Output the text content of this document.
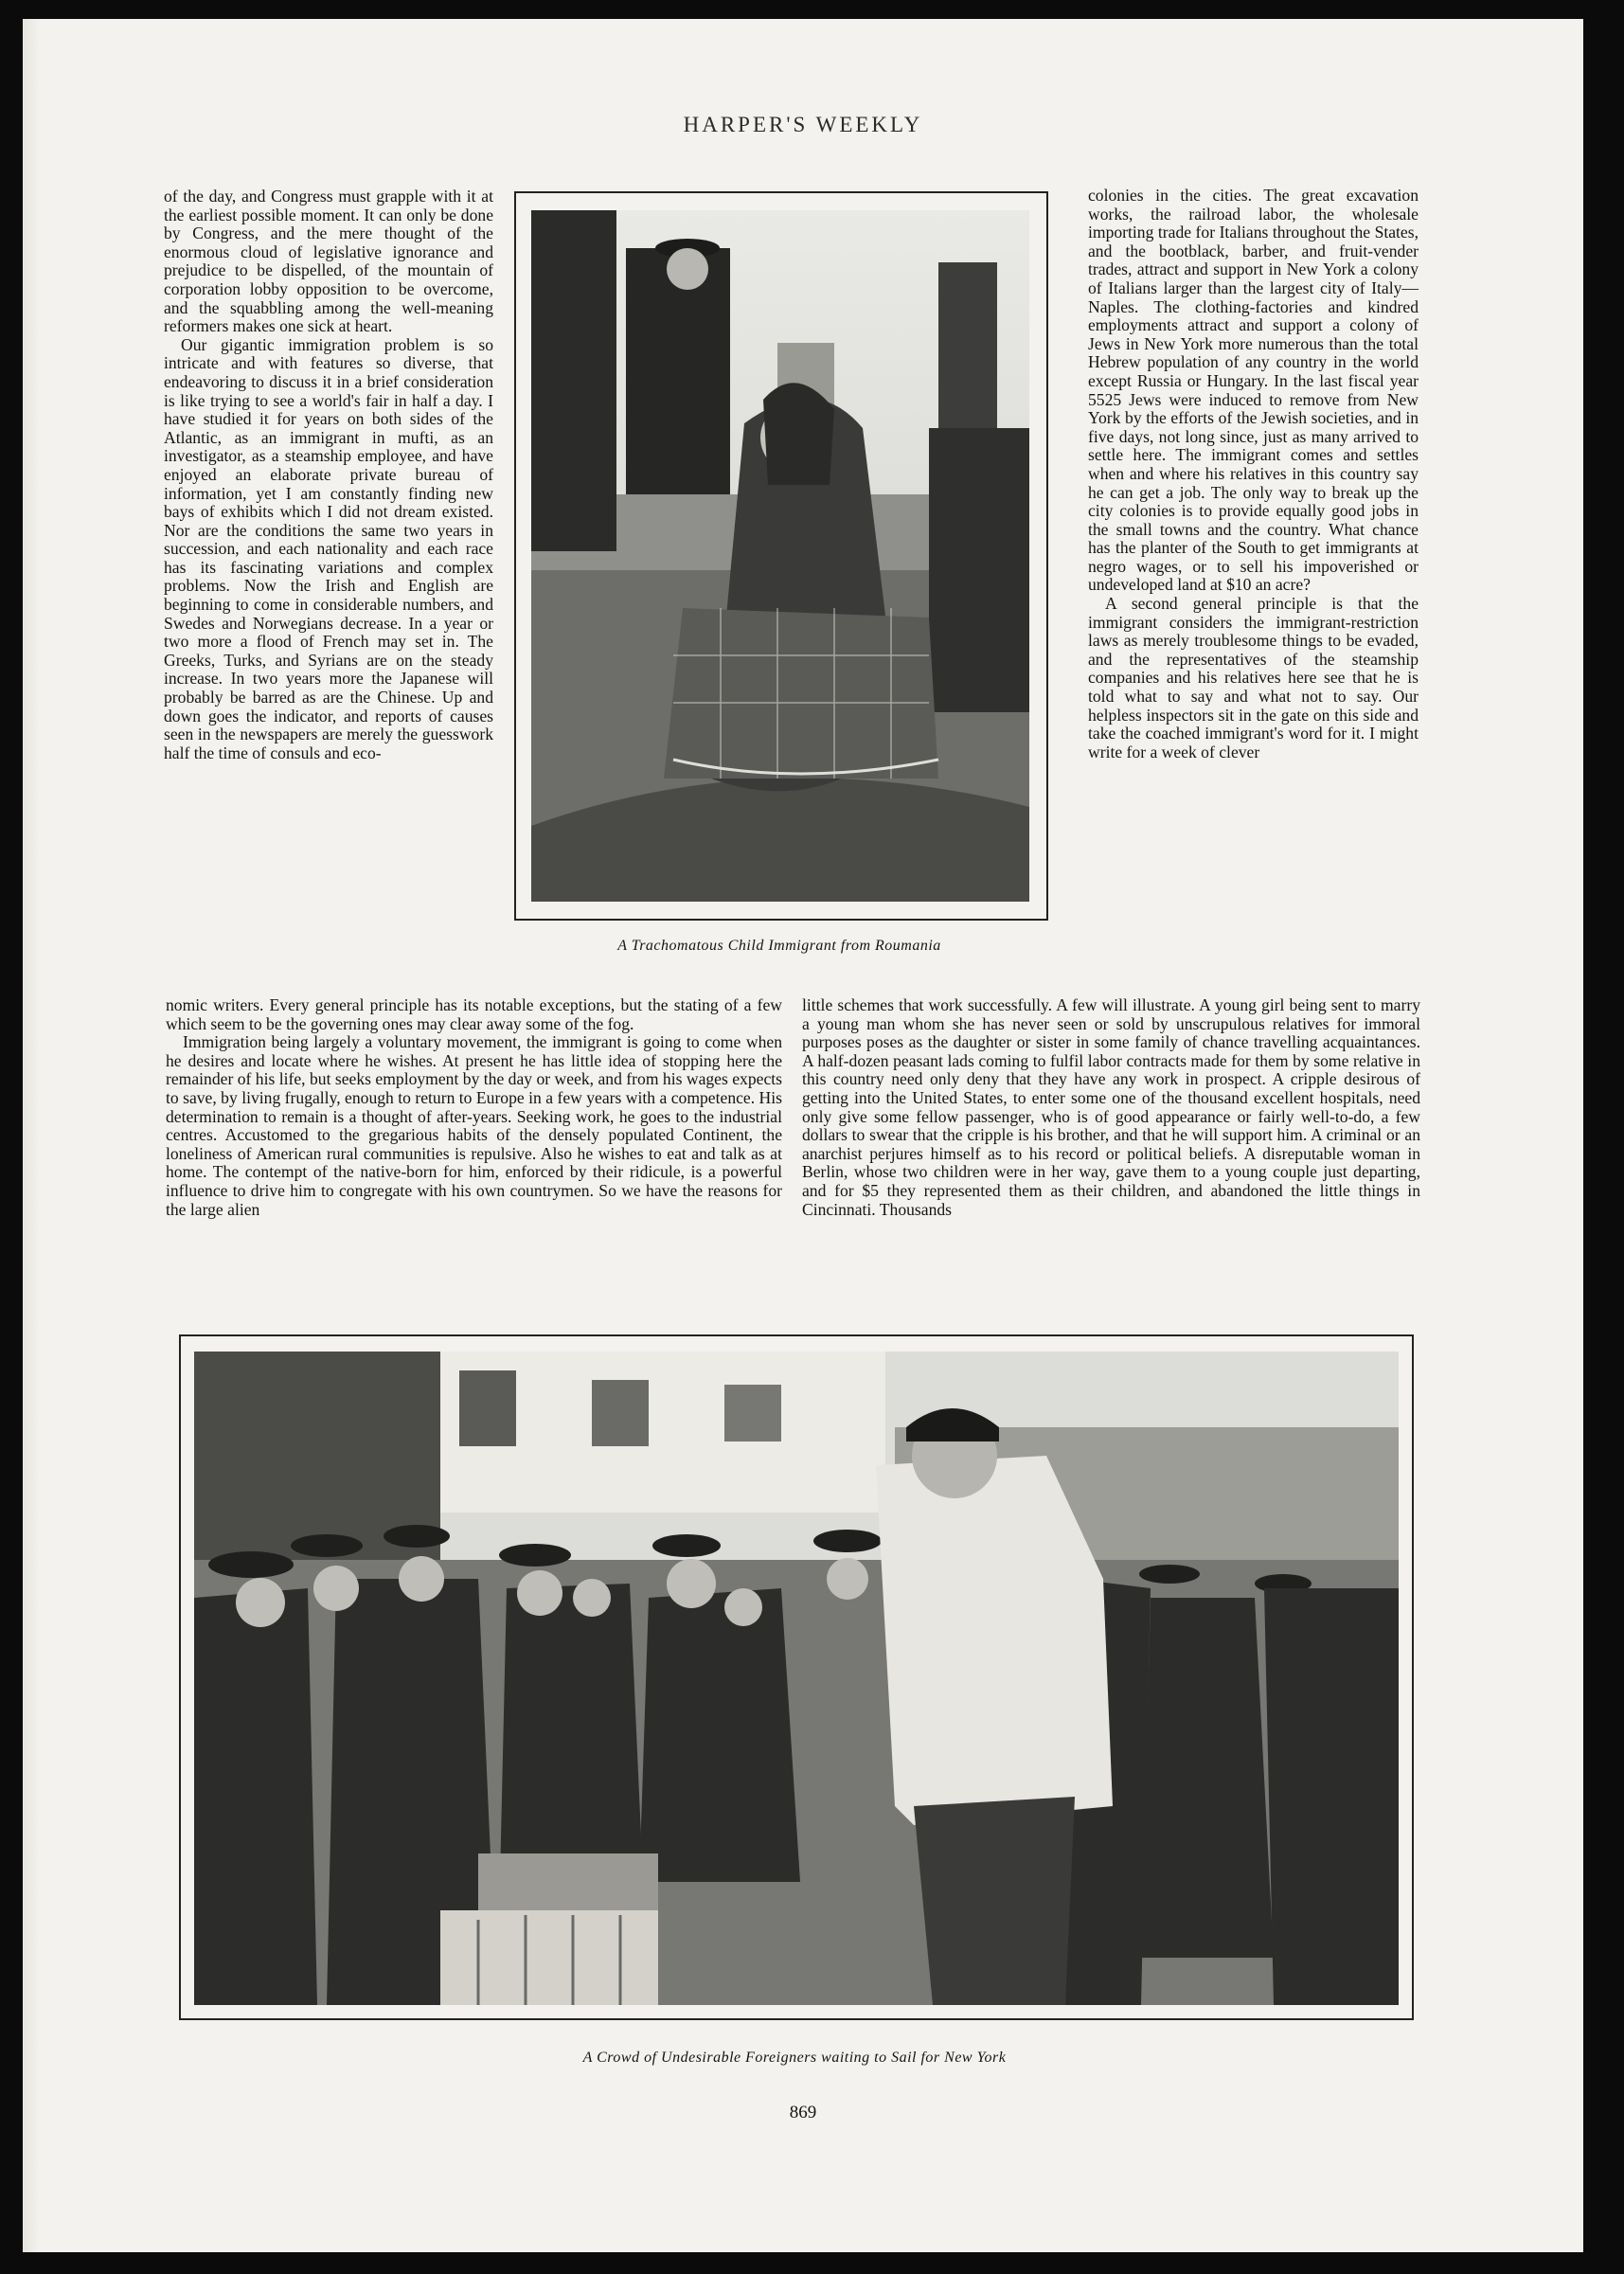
HARPER'S WEEKLY

of the day, and Congress must grapple with it at the earliest possible moment. It can only be done by Congress, and the mere thought of the enormous cloud of legislative ignorance and prejudice to be dispelled, of the mountain of corporation lobby opposition to be overcome, and the squabbling among the well-meaning reformers makes one sick at heart.

Our gigantic immigration problem is so intricate and with features so diverse, that endeavoring to discuss it in a brief consideration is like trying to see a world's fair in half a day. I have studied it for years on both sides of the Atlantic, as an immigrant in mufti, as an investigator, as a steamship employee, and have enjoyed an elaborate private bureau of information, yet I am constantly finding new bays of exhibits which I did not dream existed. Nor are the conditions the same two years in succession, and each nationality and each race has its fascinating variations and complex problems. Now the Irish and English are beginning to come in considerable numbers, and Swedes and Norwegians decrease. In a year or two more a flood of French may set in. The Greeks, Turks, and Syrians are on the steady increase. In two years more the Japanese will probably be barred as are the Chinese. Up and down goes the indicator, and reports of causes seen in the newspapers are merely the guesswork half the time of consuls and eco-

colonies in the cities. The great excavation works, the railroad labor, the wholesale importing trade for Italians throughout the States, and the bootblack, barber, and fruit-vender trades, attract and support in New York a colony of Italians larger than the largest city of Italy—Naples. The clothing-factories and kindred employments attract and support a colony of Jews in New York more numerous than the total Hebrew population of any country in the world except Russia or Hungary. In the last fiscal year 5525 Jews were induced to remove from New York by the efforts of the Jewish societies, and in five days, not long since, just as many arrived to settle here. The immigrant comes and settles when and where his relatives in this country say he can get a job. The only way to break up the city colonies is to provide equally good jobs in the small towns and the country. What chance has the planter of the South to get immigrants at negro wages, or to sell his impoverished or undeveloped land at $10 an acre?

A second general principle is that the immigrant considers the immigrant-restriction laws as merely troublesome things to be evaded, and the representatives of the steamship companies and his relatives here see that he is told what to say and what not to say. Our helpless inspectors sit in the gate on this side and take the coached immigrant's word for it. I might write for a week of clever

A Trachomatous Child Immigrant from Roumania

nomic writers. Every general principle has its notable exceptions, but the stating of a few which seem to be the governing ones may clear away some of the fog.

Immigration being largely a voluntary movement, the immigrant is going to come when he desires and locate where he wishes. At present he has little idea of stopping here the remainder of his life, but seeks employment by the day or week, and from his wages expects to save, by living frugally, enough to return to Europe in a few years with a competence. His determination to remain is a thought of after-years. Seeking work, he goes to the industrial centres. Accustomed to the gregarious habits of the densely populated Continent, the loneliness of American rural communities is repulsive. Also he wishes to eat and talk as at home. The contempt of the native-born for him, enforced by their ridicule, is a powerful influence to drive him to congregate with his own countrymen. So we have the reasons for the large alien

little schemes that work successfully. A few will illustrate. A young girl being sent to marry a young man whom she has never seen or sold by unscrupulous relatives for immoral purposes poses as the daughter or sister in some family of chance travelling acquaintances. A half-dozen peasant lads coming to fulfil labor contracts made for them by some relative in this country need only deny that they have any work in prospect. A cripple desirous of getting into the United States, to enter some one of the thousand excellent hospitals, need only give some fellow passenger, who is of good appearance or fairly well-to-do, a few dollars to swear that the cripple is his brother, and that he will support him. A criminal or an anarchist perjures himself as to his record or political beliefs. A disreputable woman in Berlin, whose two children were in her way, gave them to a young couple just departing, and for $5 they represented them as their children, and abandoned the little things in Cincinnati. Thousands

A Crowd of Undesirable Foreigners waiting to Sail for New York
869
